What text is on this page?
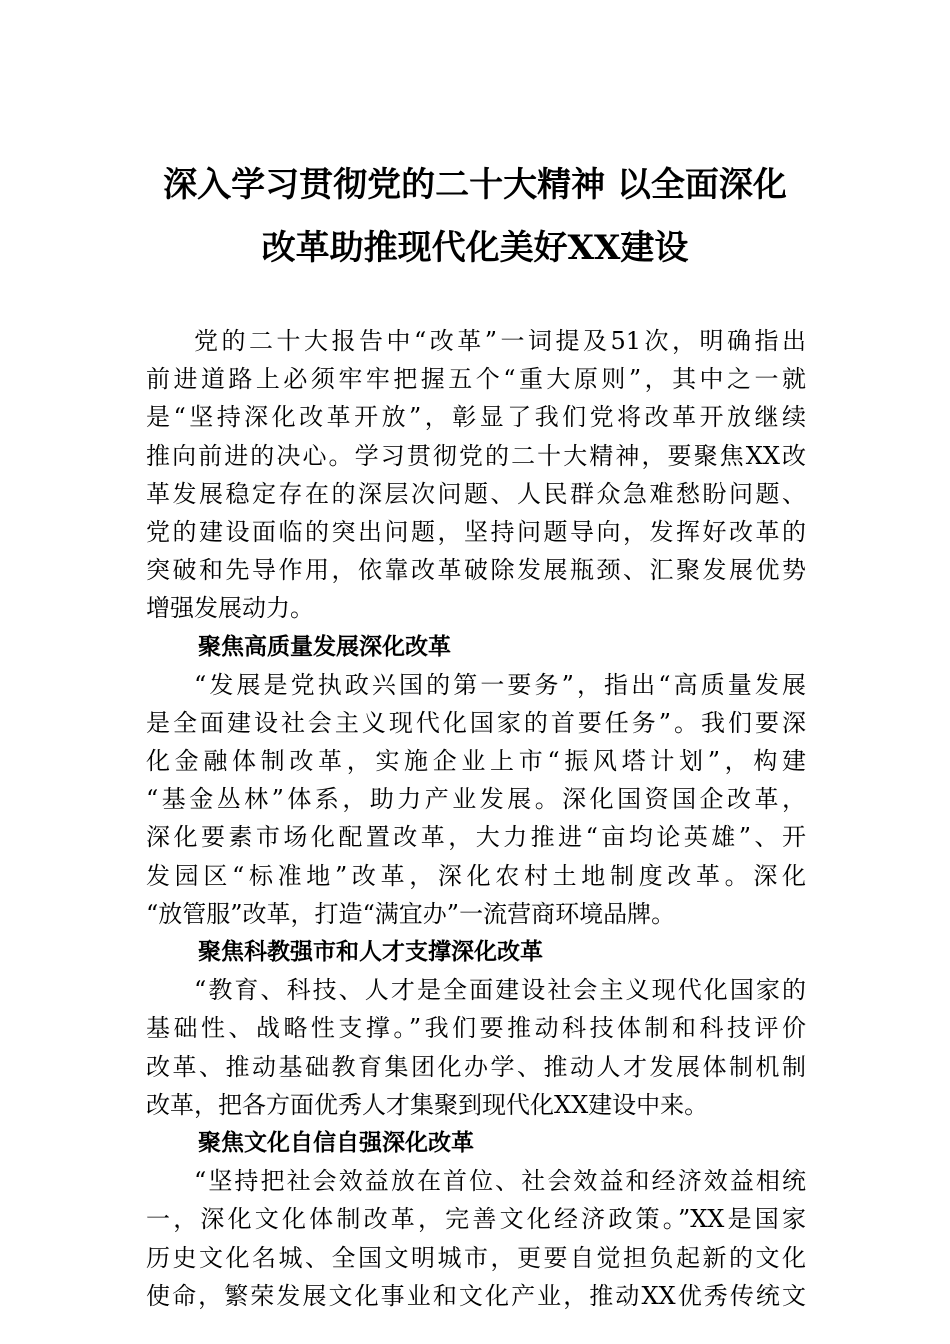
深入学习贯彻党的二十大精神 以全面深化
改革助推现代化美好XX建设
党的二十大报告中“改革”一词提及51次，明确指出
前进道路上必须牢牢把握五个“重大原则”，其中之一就
是“坚持深化改革开放”，彰显了我们党将改革开放继续
推向前进的决心。学习贯彻党的二十大精神，要聚焦XX改
革发展稳定存在的深层次问题、人民群众急难愁盼问题、
党的建设面临的突出问题，坚持问题导向，发挥好改革的
突破和先导作用，依靠改革破除发展瓶颈、汇聚发展优势
增强发展动力。
聚焦高质量发展深化改革
“发展是党执政兴国的第一要务”，指出“高质量发展
是全面建设社会主义现代化国家的首要任务”。我们要深
化金融体制改革，实施企业上市“振风塔计划”，构建
“基金丛林”体系，助力产业发展。深化国资国企改革，
深化要素市场化配置改革，大力推进“亩均论英雄”、开
发园区“标准地”改革，深化农村土地制度改革。深化
“放管服”改革，打造“满宜办”一流营商环境品牌。
聚焦科教强市和人才支撑深化改革
“教育、科技、人才是全面建设社会主义现代化国家的
基础性、战略性支撑。”我们要推动科技体制和科技评价
改革、推动基础教育集团化办学、推动人才发展体制机制
改革，把各方面优秀人才集聚到现代化XX建设中来。
聚焦文化自信自强深化改革
“坚持把社会效益放在首位、社会效益和经济效益相统
一，深化文化体制改革，完善文化经济政策。”XX是国家
历史文化名城、全国文明城市，更要自觉担负起新的文化
使命，繁荣发展文化事业和文化产业，推动XX优秀传统文
